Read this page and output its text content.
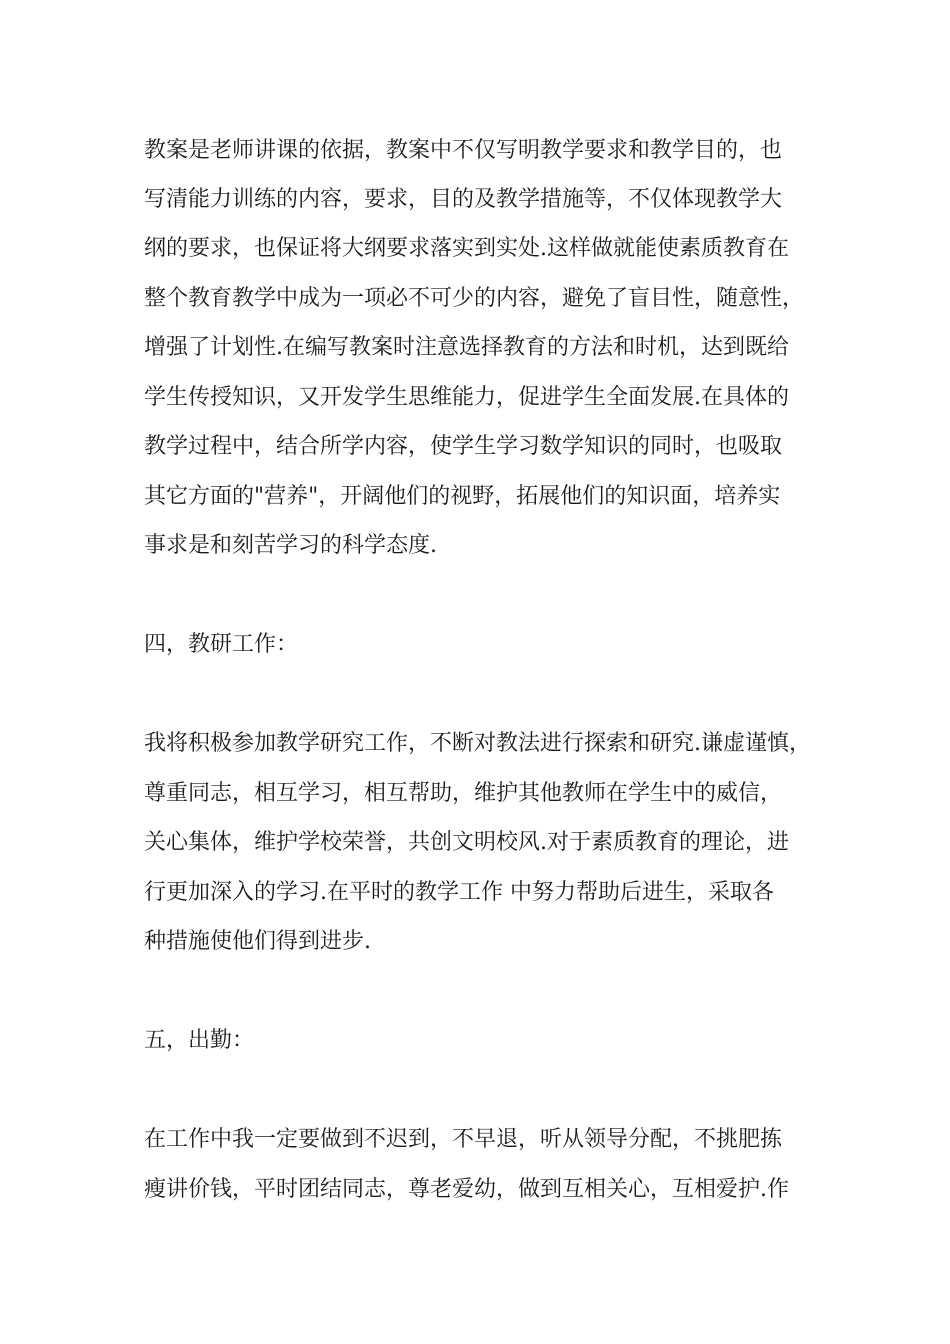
教案是老师讲课的依据，教案中不仅写明教学要求和教学目的，也
写清能力训练的内容，要求，目的及教学措施等，不仅体现教学大
纲的要求，也保证将大纲要求落实到实处.这样做就能使素质教育在
整个教育教学中成为一项必不可少的内容，避免了盲目性，随意性，
增强了计划性.在编写教案时注意选择教育的方法和时机，达到既给
学生传授知识，又开发学生思维能力，促进学生全面发展.在具体的
教学过程中，结合所学内容，使学生学习数学知识的同时，也吸取
其它方面的"营养"，开阔他们的视野，拓展他们的知识面，培养实
事求是和刻苦学习的科学态度.
四，教研工作：
我将积极参加教学研究工作，不断对教法进行探索和研究.谦虚谨慎，
尊重同志，相互学习，相互帮助，维护其他教师在学生中的威信，
关心集体，维护学校荣誉，共创文明校风.对于素质教育的理论，进
行更加深入的学习.在平时的教学工作 中努力帮助后进生，采取各
种措施使他们得到进步.
五，出勤：
在工作中我一定要做到不迟到，不早退，听从领导分配，不挑肥拣
瘦讲价钱，平时团结同志，尊老爱幼，做到互相关心，互相爱护.作
